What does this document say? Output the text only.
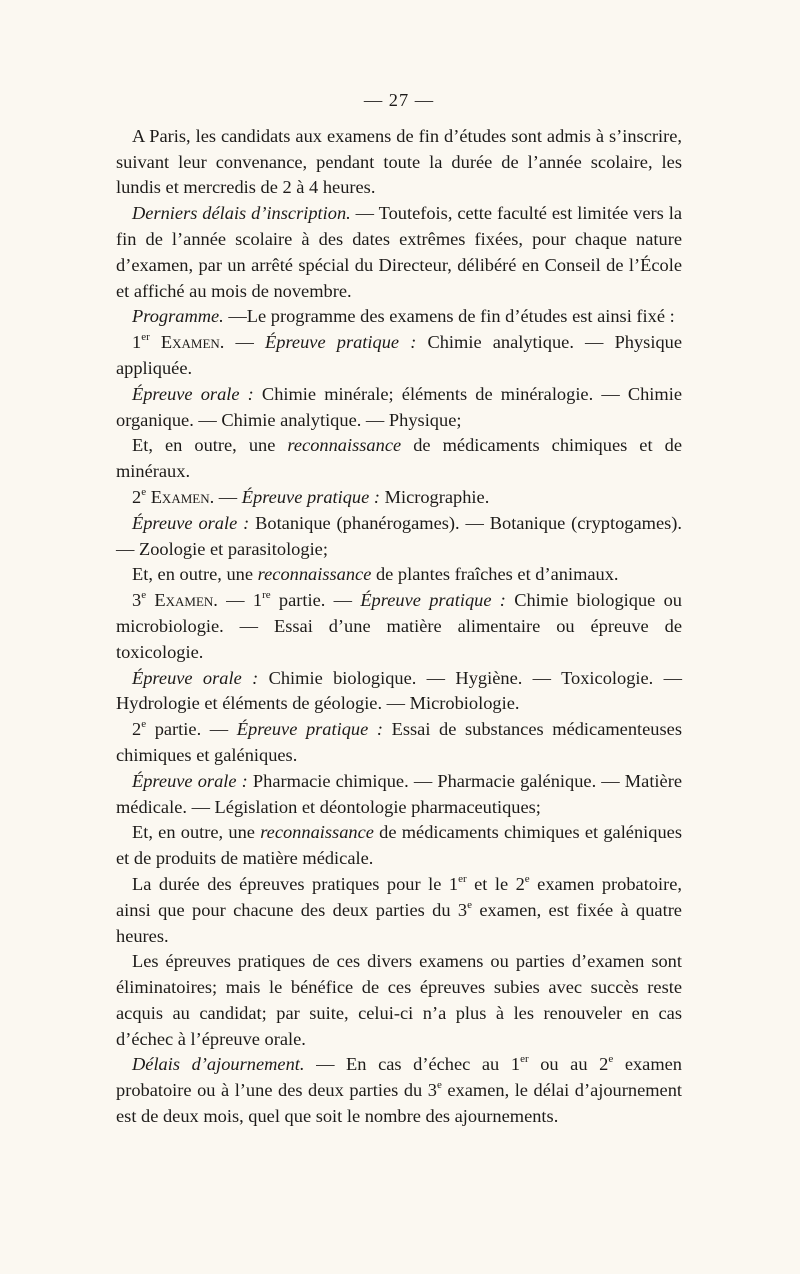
— 27 —

A Paris, les candidats aux examens de fin d’études sont admis à s’inscrire, suivant leur convenance, pendant toute la durée de l’année scolaire, les lundis et mercredis de 2 à 4 heures.

Derniers délais d’inscription. — Toutefois, cette faculté est limitée vers la fin de l’année scolaire à des dates extrêmes fixées, pour chaque nature d’examen, par un arrêté spécial du Directeur, délibéré en Conseil de l’École et affiché au mois de novembre.

Programme. —Le programme des examens de fin d’études est ainsi fixé :

1er Examen. — Épreuve pratique : Chimie analytique. — Physique appliquée.

Épreuve orale : Chimie minérale; éléments de minéralogie. — Chimie organique. — Chimie analytique. — Physique;

Et, en outre, une reconnaissance de médicaments chimiques et de minéraux.

2e Examen. — Épreuve pratique : Micrographie.

Épreuve orale : Botanique (phanérogames). — Botanique (cryptogames). — Zoologie et parasitologie;

Et, en outre, une reconnaissance de plantes fraîches et d’animaux.

3e Examen. — 1re partie. — Épreuve pratique : Chimie biologique ou microbiologie. — Essai d’une matière alimentaire ou épreuve de toxicologie.

Épreuve orale : Chimie biologique. — Hygiène. — Toxicologie. — Hydrologie et éléments de géologie. — Microbiologie.

2e partie. — Épreuve pratique : Essai de substances médicamenteuses chimiques et galéniques.

Épreuve orale : Pharmacie chimique. — Pharmacie galénique. — Matière médicale. — Législation et déontologie pharmaceutiques;

Et, en outre, une reconnaissance de médicaments chimiques et galéniques et de produits de matière médicale.

La durée des épreuves pratiques pour le 1er et le 2e examen probatoire, ainsi que pour chacune des deux parties du 3e examen, est fixée à quatre heures.

Les épreuves pratiques de ces divers examens ou parties d’examen sont éliminatoires; mais le bénéfice de ces épreuves subies avec succès reste acquis au candidat; par suite, celui-ci n’a plus à les renouveler en cas d’échec à l’épreuve orale.

Délais d’ajournement. — En cas d’échec au 1er ou au 2e examen probatoire ou à l’une des deux parties du 3e examen, le délai d’ajournement est de deux mois, quel que soit le nombre des ajournements.
